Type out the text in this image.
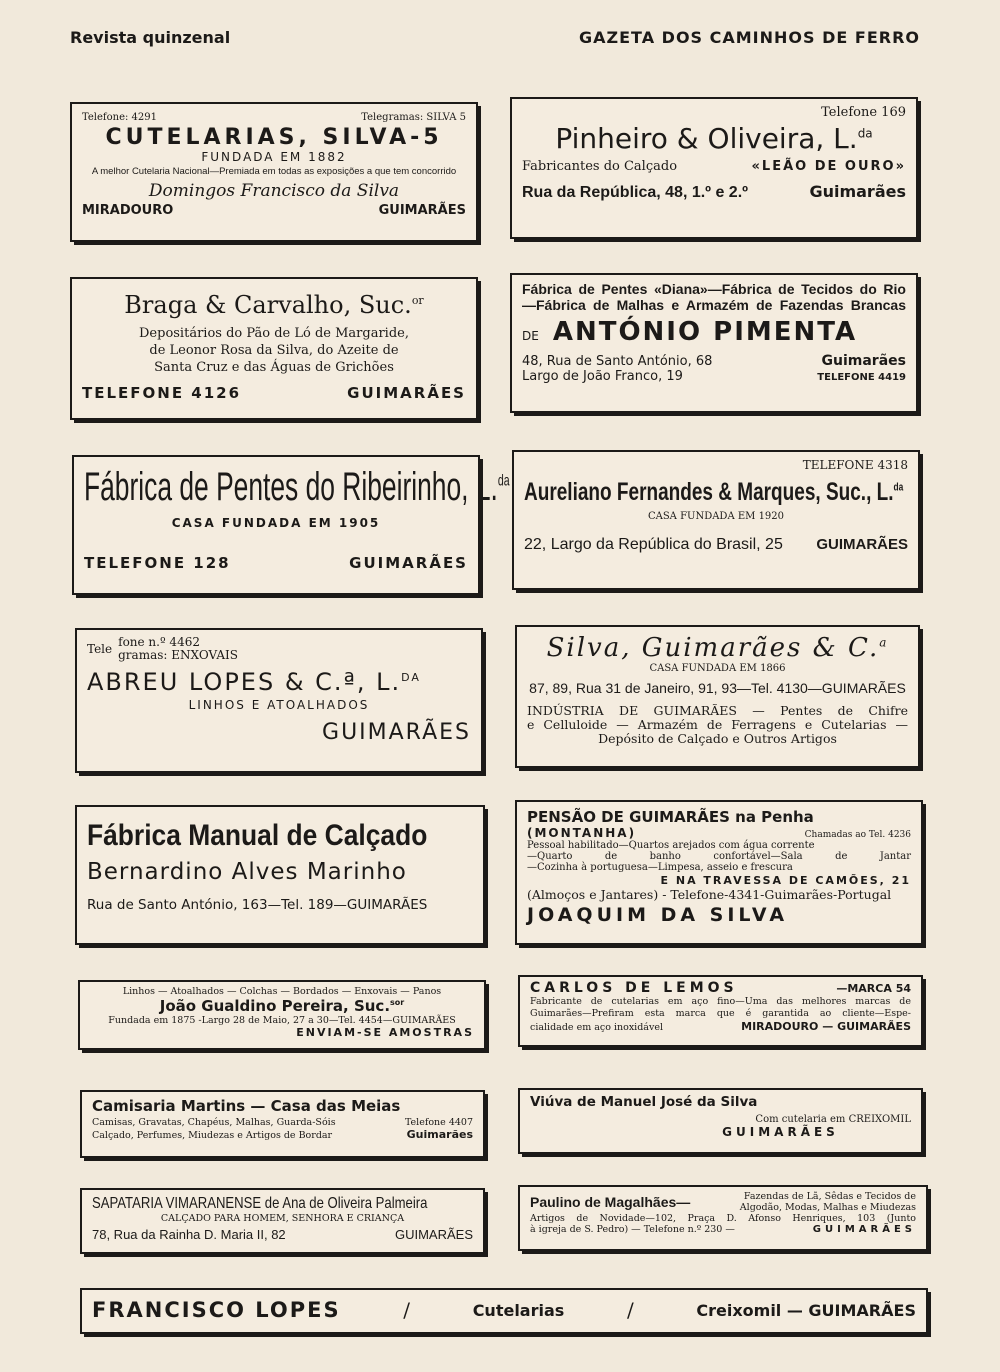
Revista quinzenal	GAZETA DOS CAMINHOS DE FERRO
Telefone: 4291	Telegramas: SILVA 5
CUTELARIAS, SILVA-5
FUNDADA EM 1882
A melhor Cutelaria Nacional—Premiada em todas as exposições a que tem concorrido
Domingos Francisco da Silva
MIRADOURO	GUIMARÃES
Telefone 169
Pinheiro & Oliveira, L.$^{da}$
Fabricantes do Calçado	«LEÃO DE OURO»
Rua da República, 48, 1.º e 2.º	Guimarães
Braga & Carvalho, Suc.$^{or}$

Depositários do Pão de Ló de Margaride,

de Leonor Rosa da Silva, do Azeite de

Santa Cruz e das Águas de Grichões

TELEFONE 4126	GUIMARÃES
Fábrica de Pentes «Diana»—Fábrica de Tecidos do Rio
—Fábrica de Malhas e Armazém de Fazendas Brancas
DE ANTÓNIO PIMENTA
48, Rua de Santo António, 68	Guimarães
Largo de João Franco, 19	TELEFONE 4419
Fábrica de Pentes do Ribeirinho, L.$^{da}$
CASA FUNDADA EM 1905
TELEFONE 128	GUIMARÃES
TELEFONE 4318
Aureliano Fernandes & Marques, Suc., L.$^{da}$
CASA FUNDADA EM 1920
22, Largo da República do Brasil, 25 GUIMARÃES
Tele fone n.º 4462
gramas: ENXOVAIS
ABREU LOPES & C.ª, L.$^{DA}$
LINHOS E ATOALHADOS
GUIMARÃES
Silva, Guimarães & C.$^a$
CASA FUNDADA EM 1866
87, 89, Rua 31 de Janeiro, 91, 93—Tel. 4130—GUIMARÃES

INDÚSTRIA DE GUIMARÃES — Pentes de Chifre

e Celluloide — Armazém de Ferragens e Cutelarias —

Depósito de Calçado e Outros Artigos

Fábrica Manual de Calçado
Bernardino Alves Marinho
Rua de Santo António, 163—Tel. 189—GUIMARÃES
PENSÃO DE GUIMARÃES na Penha
(MONTANHA)	Chamadas ao Tel. 4236

Pessoal habilitado—Quartos arejados com água corrente

—Quarto de banho confortável—Sala de Jantar

—Cozinha à portuguesa—Limpesa, asseio e frescura

E NA TRAVESSA DE CAMÕES, 21
(Almoços e Jantares) - Telefone-4341-Guimarães-Portugal
JOAQUIM DA SILVA
Linhos — Atoalhados — Colchas — Bordados — Enxovais — Panos
João Gualdino Pereira, Suc.$^{sor}$
Fundada em 1875 -Largo 28 de Maio, 27 a 30—Tel. 4454—GUIMARÃES
ENVIAM-SE AMOSTRAS
CARLOS DE LEMOS	—MARCA 54

Fabricante de cutelarias em aço fino—Uma das melhores marcas de

Guimarães—Prefiram esta marca que é garantida ao cliente—Espe-

cialidade em aço inoxidável	MIRADOURO — GUIMARÃES
Camisaria Martins — Casa das Meias
Camisas, Gravatas, Chapéus, Malhas, Guarda-Sóis	Telefone 4407
Calçado, Perfumes, Miudezas e Artigos de Bordar	Guimarães
Viúva de Manuel José da Silva
Com cutelaria em CREIXOMIL
GUIMARÃES
SAPATARIA VIMARANENSE de Ana de Oliveira Palmeira
CALÇADO PARA HOMEM, SENHORA E CRIANÇA
78, Rua da Rainha D. Maria II, 82	GUIMARÃES
Paulino de Magalhães—	Fazendas de Lã, Sêdas e Tecidos de
Algodão, Modas, Malhas e Miudezas
Artigos de Novidade—102, Praça D. Afonso Henriques, 103 (Junto
à igreja de S. Pedro) — Telefone n.º 230 —	GUIMARÃES
FRANCISCO LOPES	/	Cutelarias	/	Creixomil — GUIMARÃES
